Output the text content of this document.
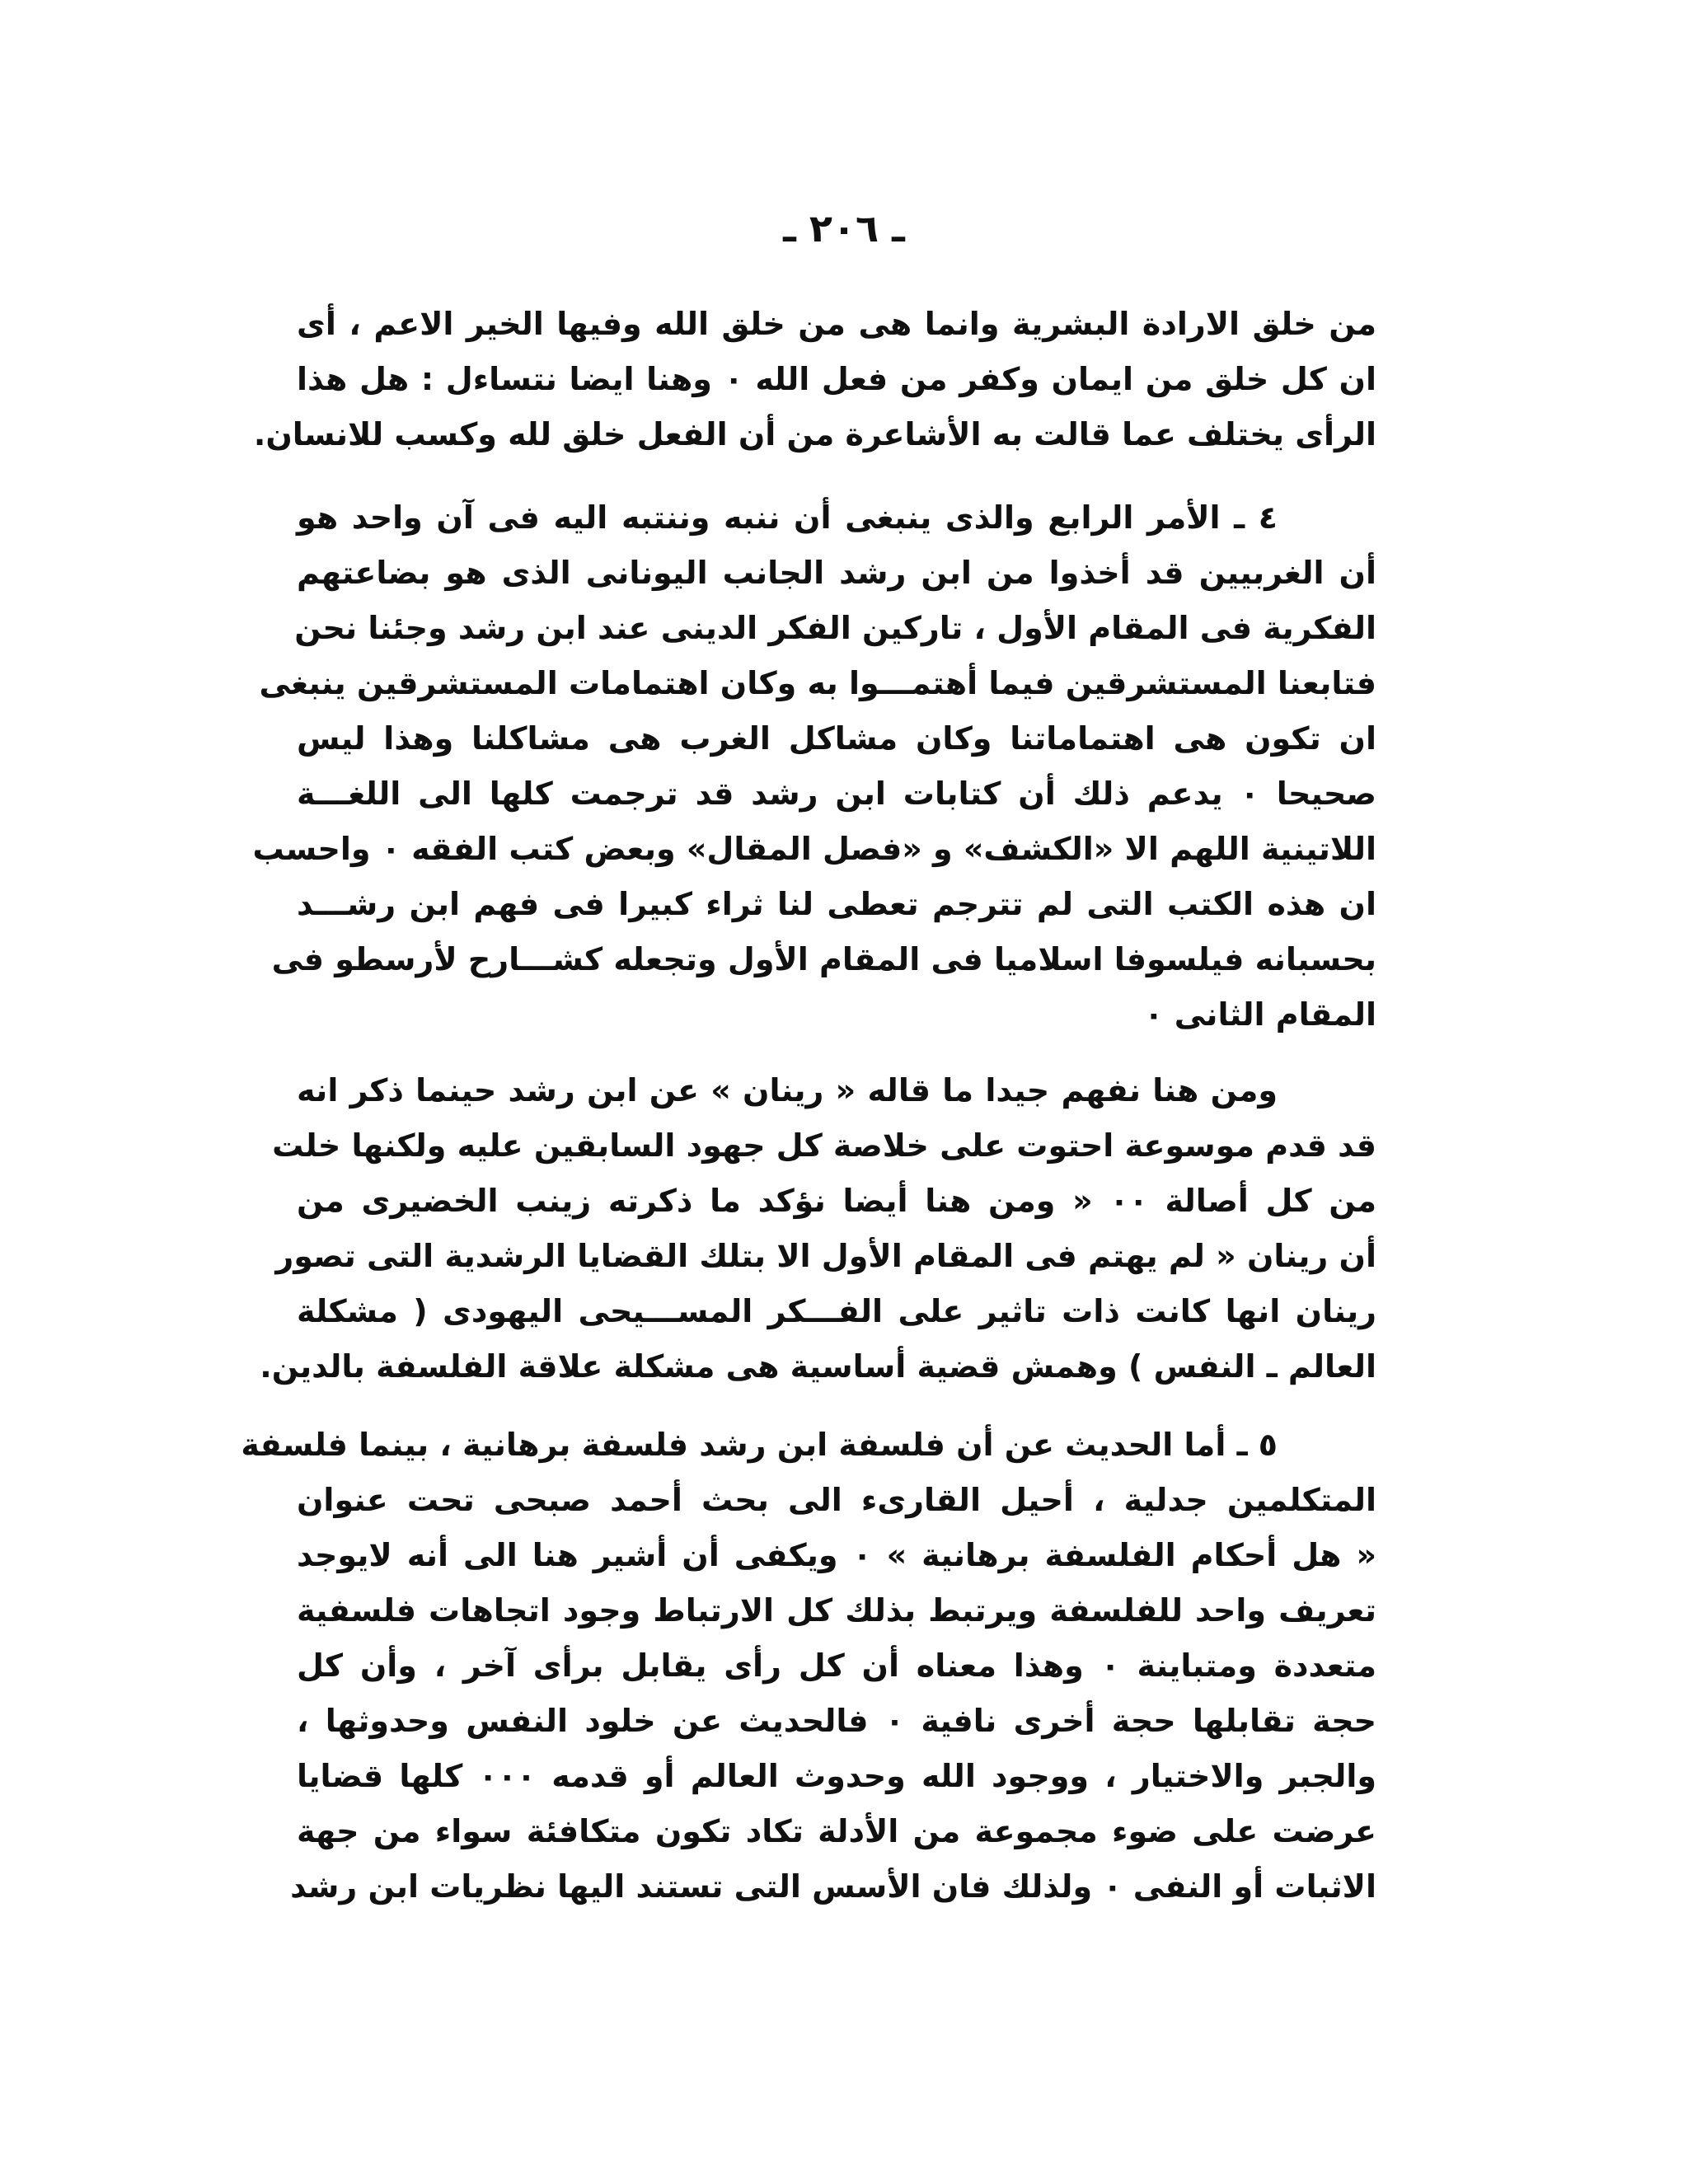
ـ ٢٠٦ ـ
من خلق الارادة البشرية وانما هى من خلق الله وفيها الخير الاعم ، أى
ان كل خلق من ايمان وكفر من فعل الله ٠ وهنا ايضا نتساءل : هل هذا
الرأى يختلف عما قالت به الأشاعرة من أن الفعل خلق لله وكسب للانسان.
٤ ـ الأمر الرابع والذى ينبغى أن ننبه وننتبه اليه فى آن واحد هو
أن الغربيين قد أخذوا من ابن رشد الجانب اليونانى الذى هو بضاعتهم
الفكرية فى المقام الأول ، تاركين الفكر الدينى عند ابن رشد وجئنا نحن
فتابعنا المستشرقين فيما أهتمـــوا به وكان اهتمامات المستشرقين ينبغى
ان تكون هى اهتماماتنا وكان مشاكل الغرب هى مشاكلنا وهذا ليس
صحيحا ٠ يدعم ذلك أن كتابات ابن رشد قد ترجمت كلها الى اللغـــة
اللاتينية اللهم الا «الكشف» و «فصل المقال» وبعض كتب الفقه ٠ واحسب
ان هذه الكتب التى لم تترجم تعطى لنا ثراء كبيرا فى فهم ابن رشـــد
بحسبانه فيلسوفا اسلاميا فى المقام الأول وتجعله كشـــارح لأرسطو فى
المقام الثانى ٠
ومن هنا نفهم جيدا ما قاله « رينان » عن ابن رشد حينما ذكر انه
قد قدم موسوعة احتوت على خلاصة كل جهود السابقين عليه ولكنها خلت
من كل أصالة ٠٠ « ومن هنا أيضا نؤكد ما ذكرته زينب الخضيرى من
أن رينان « لم يهتم فى المقام الأول الا بتلك القضايا الرشدية التى تصور
رينان انها كانت ذات تاثير على الفـــكر المســـيحى اليهودى ( مشكلة
العالم ـ النفس ) وهمش قضية أساسية هى مشكلة علاقة الفلسفة بالدين.
٥ ـ أما الحديث عن أن فلسفة ابن رشد فلسفة برهانية ، بينما فلسفة
المتكلمين جدلية ، أحيل القارىء الى بحث أحمد صبحى تحت عنوان
« هل أحكام الفلسفة برهانية » ٠ ويكفى أن أشير هنا الى أنه لايوجد
تعريف واحد للفلسفة ويرتبط بذلك كل الارتباط وجود اتجاهات فلسفية
متعددة ومتباينة ٠ وهذا معناه أن كل رأى يقابل برأى آخر ، وأن كل
حجة تقابلها حجة أخرى نافية ٠ فالحديث عن خلود النفس وحدوثها ،
والجبر والاختيار ، ووجود الله وحدوث العالم أو قدمه ٠٠٠ كلها قضايا
عرضت على ضوء مجموعة من الأدلة تكاد تكون متكافئة سواء من جهة
الاثبات أو النفى ٠ ولذلك فان الأسس التى تستند اليها نظريات ابن رشد
